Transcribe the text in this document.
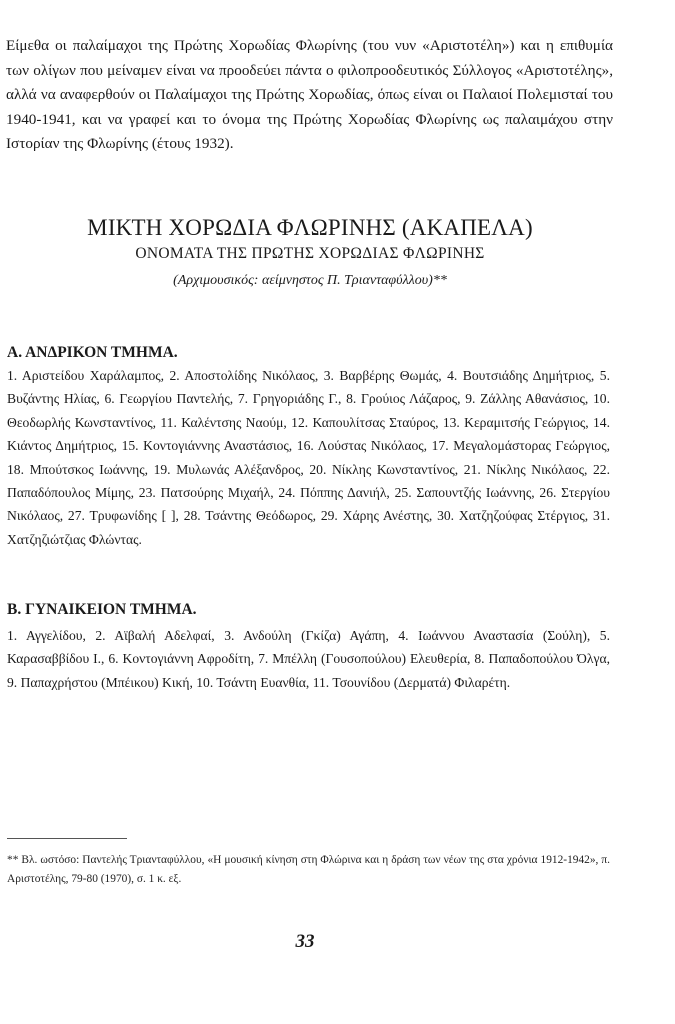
Είμεθα οι παλαίμαχοι της Πρώτης Χορωδίας Φλωρίνης (του νυν «Αριστοτέλη») και η επιθυμία των ολίγων που μείναμεν είναι να προοδεύει πάντα ο φιλοπροοδευτικός Σύλλογος «Αριστοτέλης», αλλά να αναφερθούν οι Παλαίμαχοι της Πρώτης Χορωδίας, όπως είναι οι Παλαιοί Πολεμισταί του 1940-1941, και να γραφεί και το όνομα της Πρώτης Χορωδίας Φλωρίνης ως παλαιμάχου στην Ιστορίαν της Φλωρίνης (έτους 1932).

ΜΙΚΤΗ ΧΟΡΩΔΙΑ ΦΛΩΡΙΝΗΣ (ΑΚΑΠΕΛΑ)

ΟΝΟΜΑΤΑ ΤΗΣ ΠΡΩΤΗΣ ΧΟΡΩΔΙΑΣ ΦΛΩΡΙΝΗΣ

(Αρχιμουσικός: αείμνηστος Π. Τριανταφύλλου)**

Α. ΑΝΔΡΙΚΟΝ ΤΜΗΜΑ.

1. Αριστείδου Χαράλαμπος, 2. Αποστολίδης Νικόλαος, 3. Βαρβέρης Θωμάς, 4. Βουτσιάδης Δημήτριος, 5. Βυζάντης Ηλίας, 6. Γεωργίου Παντελής, 7. Γρηγοριάδης Γ., 8. Γρούιος Λάζαρος, 9. Ζάλλης Αθανάσιος, 10. Θεοδωρλής Κωνσταντίνος, 11. Καλέντσης Ναούμ, 12. Καπουλίτσας Σταύρος, 13. Κεραμιτσής Γεώργιος, 14. Κιάντος Δημήτριος, 15. Κοντογιάννης Αναστάσιος, 16. Λούστας Νικόλαος, 17. Μεγαλομάστορας Γεώργιος, 18. Μπούτσκος Ιωάννης, 19. Μυλωνάς Αλέξανδρος, 20. Νίκλης Κωνσταντίνος, 21. Νίκλης Νικόλαος, 22. Παπαδόπουλος Μίμης, 23. Πατσούρης Μιχαήλ, 24. Πόππης Δανιήλ, 25. Σαπουντζής Ιωάννης, 26. Στεργίου Νικόλαος, 27. Τρυφωνίδης [ ], 28. Τσάντης Θεόδωρος, 29. Χάρης Ανέστης, 30. Χατζηζούφας Στέργιος, 31. Χατζηζιώτζιας Φλώντας.

Β. ΓΥΝΑΙΚΕΙΟΝ ΤΜΗΜΑ.

1. Αγγελίδου, 2. Αϊβαλή Αδελφαί, 3. Ανδούλη (Γκίζα) Αγάπη, 4. Ιωάννου Αναστασία (Σούλη), 5. Καρασαββίδου Ι., 6. Κοντογιάννη Αφροδίτη, 7. Μπέλλη (Γουσοπούλου) Ελευθερία, 8. Παπαδοπούλου Όλγα, 9. Παπαχρήστου (Μπέικου) Κική, 10. Τσάντη Ευανθία, 11. Τσουνίδου (Δερματά) Φιλαρέτη.

** Βλ. ωστόσο: Παντελής Τριανταφύλλου, «Η μουσική κίνηση στη Φλώρινα και η δράση των νέων της στα χρόνια 1912-1942», π. Αριστοτέλης, 79-80 (1970), σ. 1 κ. εξ.

33
